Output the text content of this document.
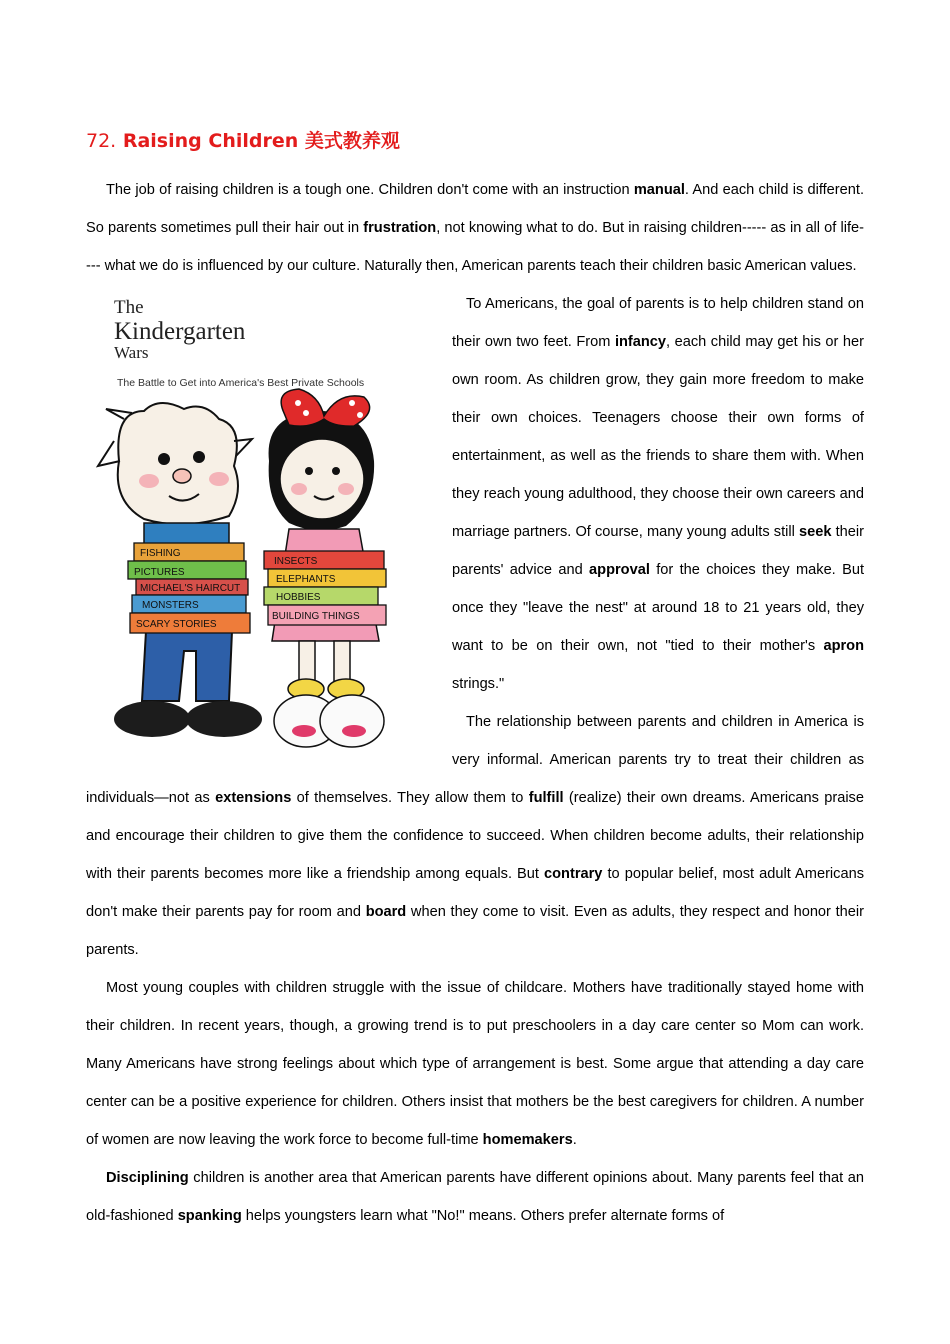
72. Raising Children 美式教养观

The job of raising children is a tough one. Children don't come with an instruction manual. And each child is different. So parents sometimes pull their hair out in frustration, not knowing what to do. But in raising children----- as in all of life---- what we do is influenced by our culture. Naturally then, American parents teach their children basic American values.

The
Kindergarten
Wars
The Battle to Get into America's Best Private Schools
FISHING
PICTURES
MICHAEL'S HAIRCUT
MONSTERS
SCARY STORIES
INSECTS
ELEPHANTS
HOBBIES
BUILDING THINGS

To Americans, the goal of parents is to help children stand on their own two feet. From infancy, each child may get his or her own room. As children grow, they gain more freedom to make their own choices. Teenagers choose their own forms of entertainment, as well as the friends to share them with. When they reach young adulthood, they choose their own careers and marriage partners. Of course, many young adults still seek their parents' advice and approval for the choices they make. But once they "leave the nest" at around 18 to 21 years old, they want to be on their own, not "tied to their mother's apron strings."

The relationship between parents and children in America is very informal. American parents try to treat their children as individuals—not as extensions of themselves. They allow them to fulfill (realize) their own dreams. Americans praise and encourage their children to give them the confidence to succeed. When children become adults, their relationship with their parents becomes more like a friendship among equals. But contrary to popular belief, most adult Americans don't make their parents pay for room and board when they come to visit. Even as adults, they respect and honor their parents.

Most young couples with children struggle with the issue of childcare. Mothers have traditionally stayed home with their children. In recent years, though, a growing trend is to put preschoolers in a day care center so Mom can work. Many Americans have strong feelings about which type of arrangement is best. Some argue that attending a day care center can be a positive experience for children. Others insist that mothers be the best caregivers for children. A number of women are now leaving the work force to become full-time homemakers.

Disciplining children is another area that American parents have different opinions about. Many parents feel that an old-fashioned spanking helps youngsters learn what "No!" means. Others prefer alternate forms of
